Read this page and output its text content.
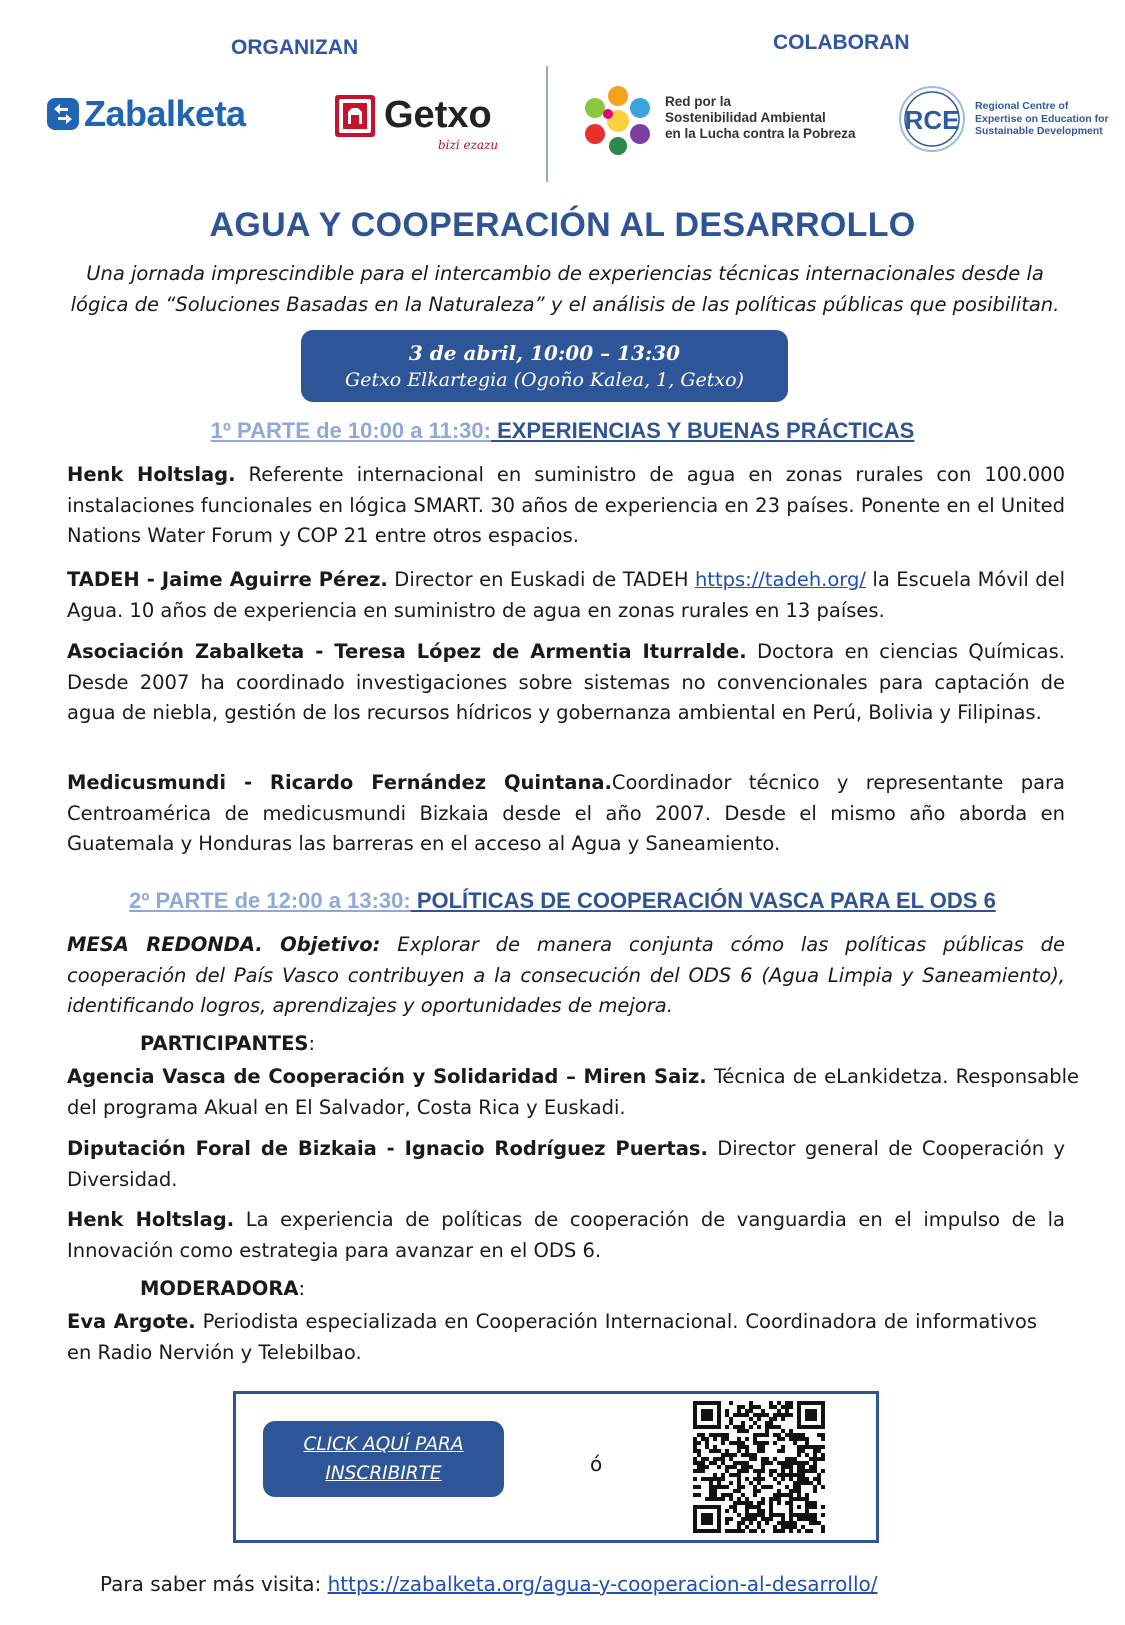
ORGANIZAN	COLABORAN
Zabalketa	Getxo
bizi ezazu
Red por la
Sostenibilidad Ambiental
en la Lucha contra la Pobreza RCE Regional Centre of
Expertise on Education for
Sustainable Development
AGUA Y COOPERACIÓN AL DESARROLLO
Una jornada imprescindible para el intercambio de experiencias técnicas internacionales desde la
lógica de “Soluciones Basadas en la Naturaleza” y el análisis de las políticas públicas que posibilitan.
3 de abril, 10:00 – 13:30
Getxo Elkartegia (Ogoño Kalea, 1, Getxo)
1º PARTE de 10:00 a 11:30: EXPERIENCIAS Y BUENAS PRÁCTICAS
Henk Holtslag. Referente internacional en suministro de agua en zonas rurales con 100.000 instalaciones funcionales en lógica SMART. 30 años de experiencia en 23 países. Ponente en el United Nations Water Forum y COP 21 entre otros espacios.
TADEH - Jaime Aguirre Pérez. Director en Euskadi de TADEH https://tadeh.org/ la Escuela Móvil del Agua. 10 años de experiencia en suministro de agua en zonas rurales en 13 países.
Asociación Zabalketa - Teresa López de Armentia Iturralde. Doctora en ciencias Químicas. Desde 2007 ha coordinado investigaciones sobre sistemas no convencionales para captación de agua de niebla, gestión de los recursos hídricos y gobernanza ambiental en Perú, Bolivia y Filipinas.
Medicusmundi - Ricardo Fernández Quintana.Coordinador técnico y representante para Centroamérica de medicusmundi Bizkaia desde el año 2007. Desde el mismo año aborda en Guatemala y Honduras las barreras en el acceso al Agua y Saneamiento.
2º PARTE de 12:00 a 13:30: POLÍTICAS DE COOPERACIÓN VASCA PARA EL ODS 6
MESA REDONDA. Objetivo: Explorar de manera conjunta cómo las políticas públicas de cooperación del País Vasco contribuyen a la consecución del ODS 6 (Agua Limpia y Saneamiento), identificando logros, aprendizajes y oportunidades de mejora.
PARTICIPANTES:
Agencia Vasca de Cooperación y Solidaridad – Miren Saiz. Técnica de eLankidetza. Responsable del programa Akual en El Salvador, Costa Rica y Euskadi.
Diputación Foral de Bizkaia - Ignacio Rodríguez Puertas. Director general de Cooperación y Diversidad.
Henk Holtslag. La experiencia de políticas de cooperación de vanguardia en el impulso de la Innovación como estrategia para avanzar en el ODS 6.
MODERADORA:
Eva Argote. Periodista especializada en Cooperación Internacional. Coordinadora de informativos en Radio Nervión y Telebilbao.
CLICK AQUÍ PARA
INSCRIBIRTE	ó
Para saber más visita: https://zabalketa.org/agua-y-cooperacion-al-desarrollo/
